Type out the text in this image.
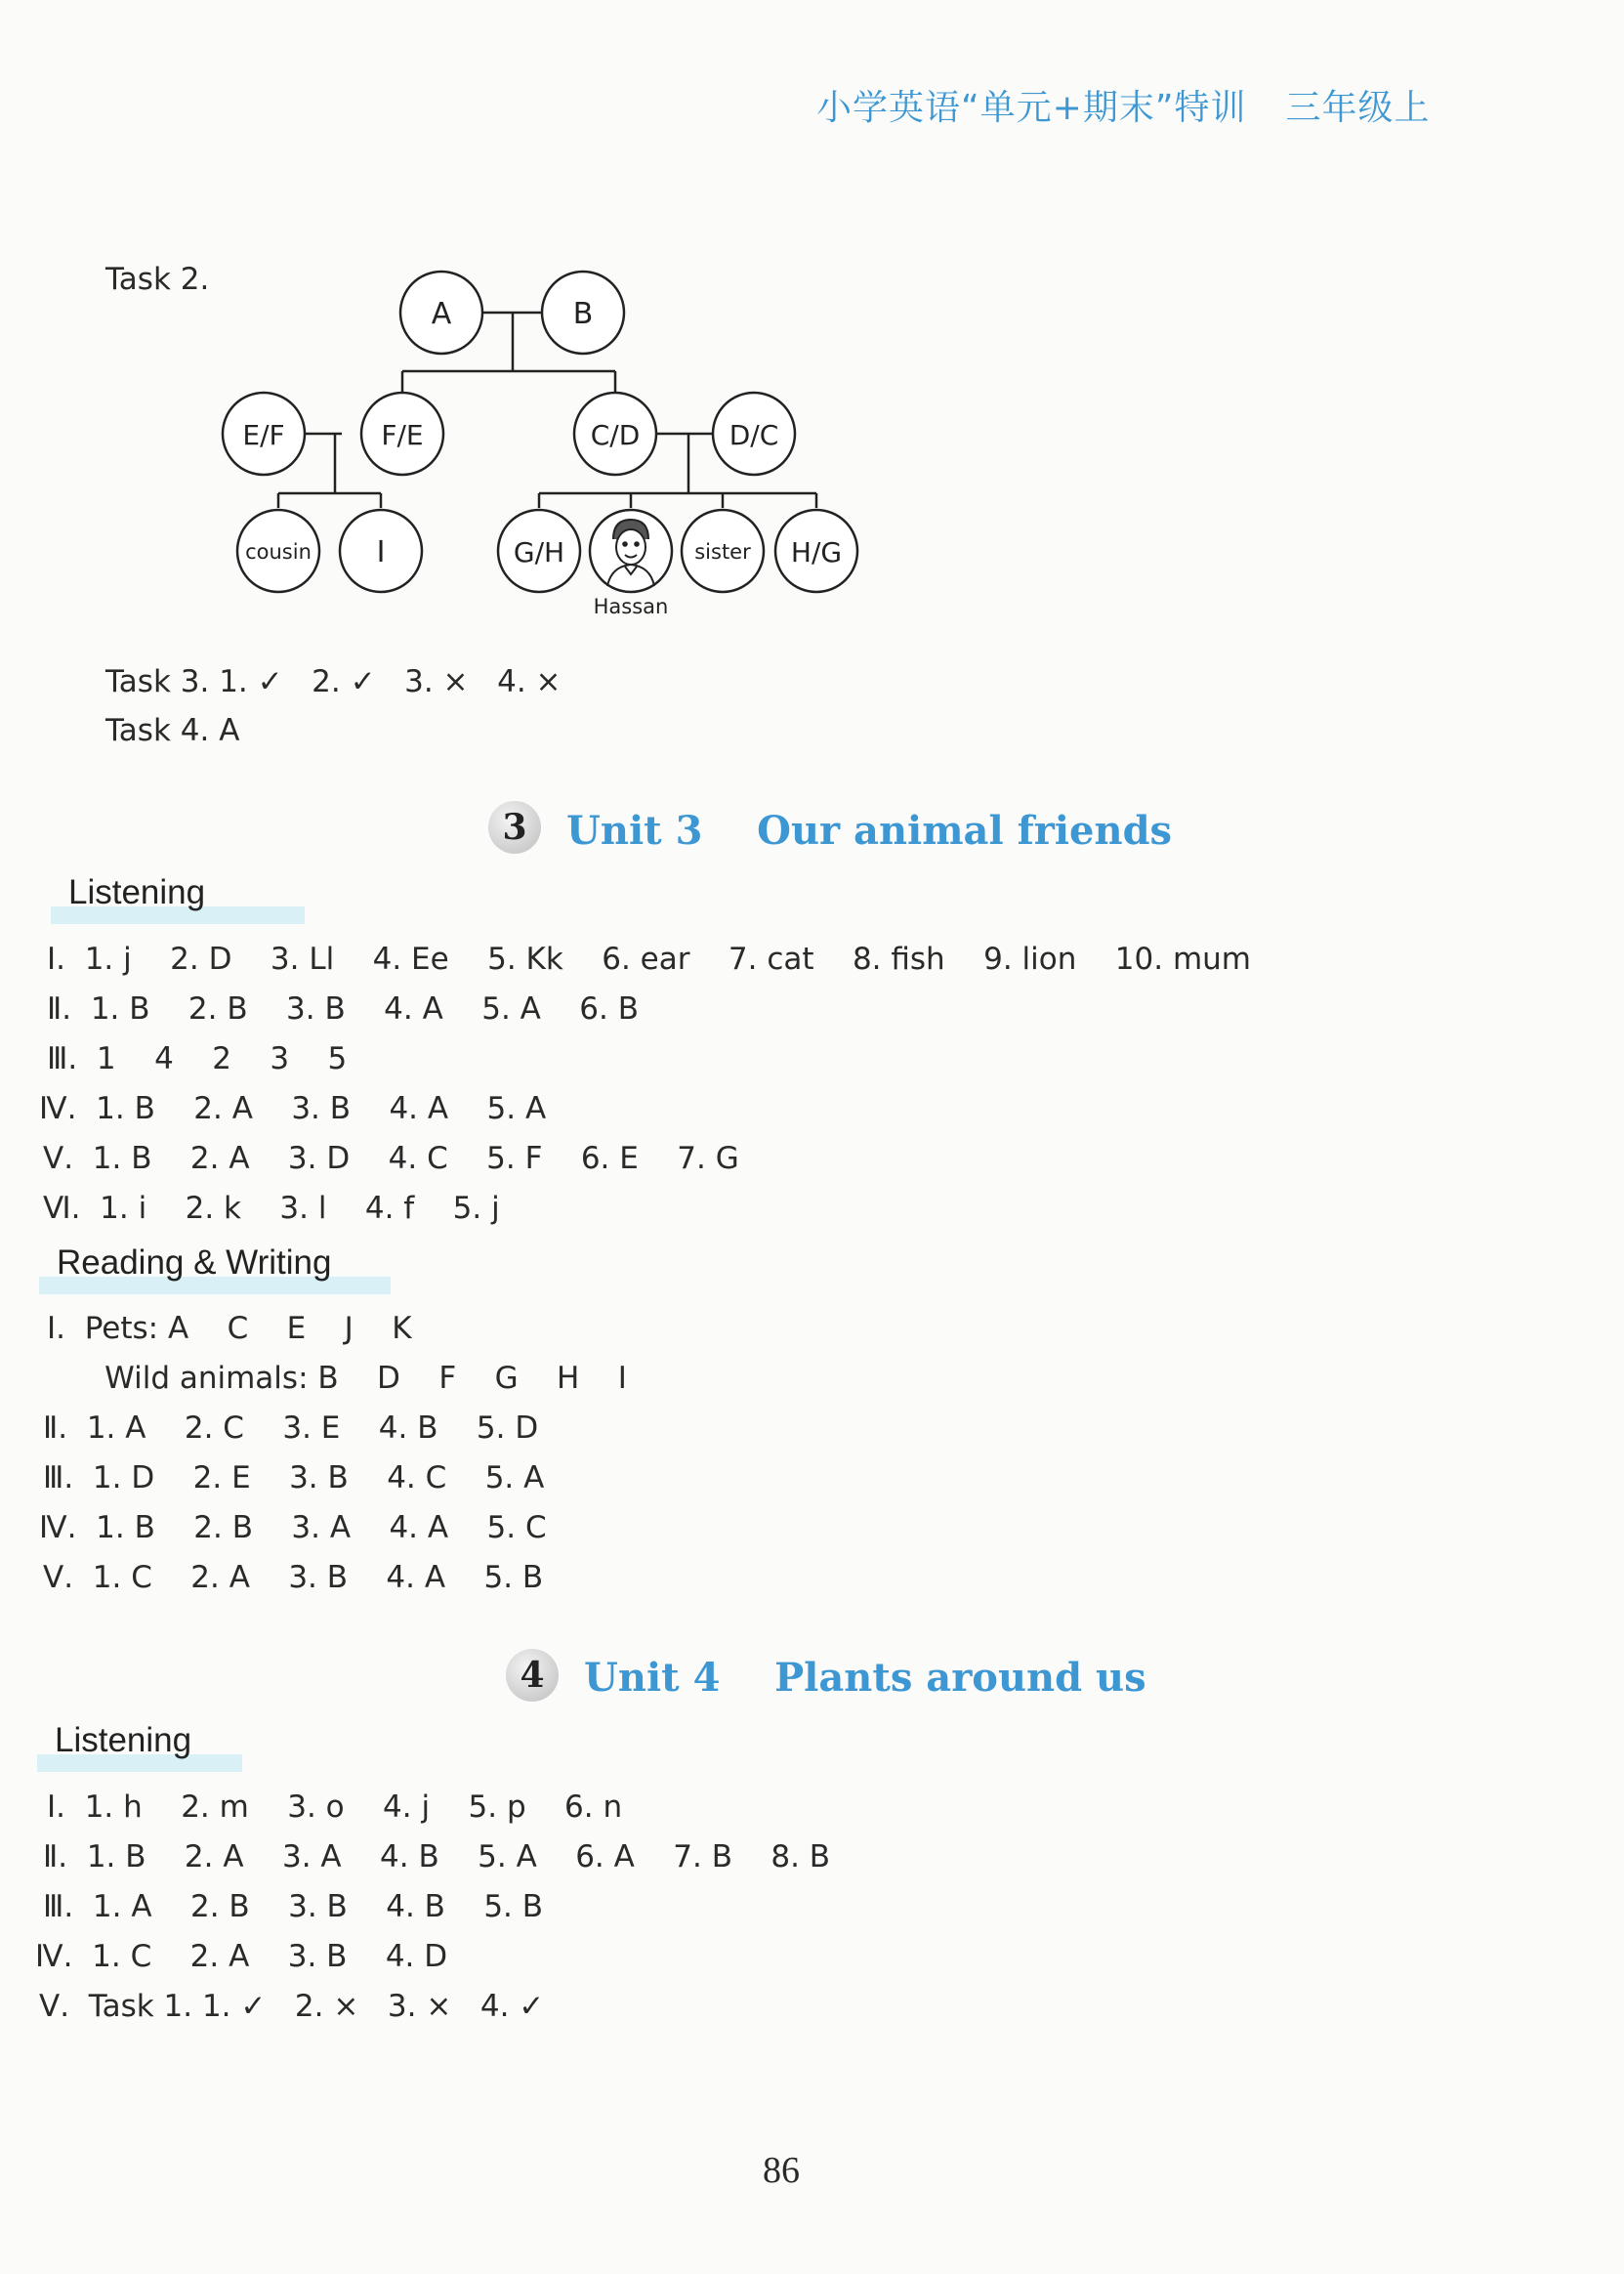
小学英语“单元+期末”特训 三年级上
Task 2.
A	B
E/F	F/E	C/D	D/C
cousin I	G/H	sister H/G
Hassan
Task 3. 1. ✓   2. ✓   3. ×   4. ×
Task 4. A
3	Unit 3    Our animal friends
Listening
Ⅰ.  1. j    2. D    3. Ll    4. Ee    5. Kk    6. ear    7. cat    8. fish    9. lion    10. mum
Ⅱ.  1. B    2. B    3. B    4. A    5. A    6. B
Ⅲ.  1    4    2    3    5
Ⅳ.  1. B    2. A    3. B    4. A    5. A
Ⅴ.  1. B    2. A    3. D    4. C    5. F    6. E    7. G
Ⅵ.  1. i    2. k    3. l    4. f    5. j
Reading & Writing
Ⅰ.  Pets: A    C    E    J    K
Wild animals: B    D    F    G    H    I
Ⅱ.  1. A    2. C    3. E    4. B    5. D
Ⅲ.  1. D    2. E    3. B    4. C    5. A
Ⅳ.  1. B    2. B    3. A    4. A    5. C
Ⅴ.  1. C    2. A    3. B    4. A    5. B
4	Unit 4    Plants around us
Listening
Ⅰ.  1. h    2. m    3. o    4. j    5. p    6. n
Ⅱ.  1. B    2. A    3. A    4. B    5. A    6. A    7. B    8. B
Ⅲ.  1. A    2. B    3. B    4. B    5. B
Ⅳ.  1. C    2. A    3. B    4. D
Ⅴ.  Task 1. 1. ✓   2. ×   3. ×   4. ✓
86
